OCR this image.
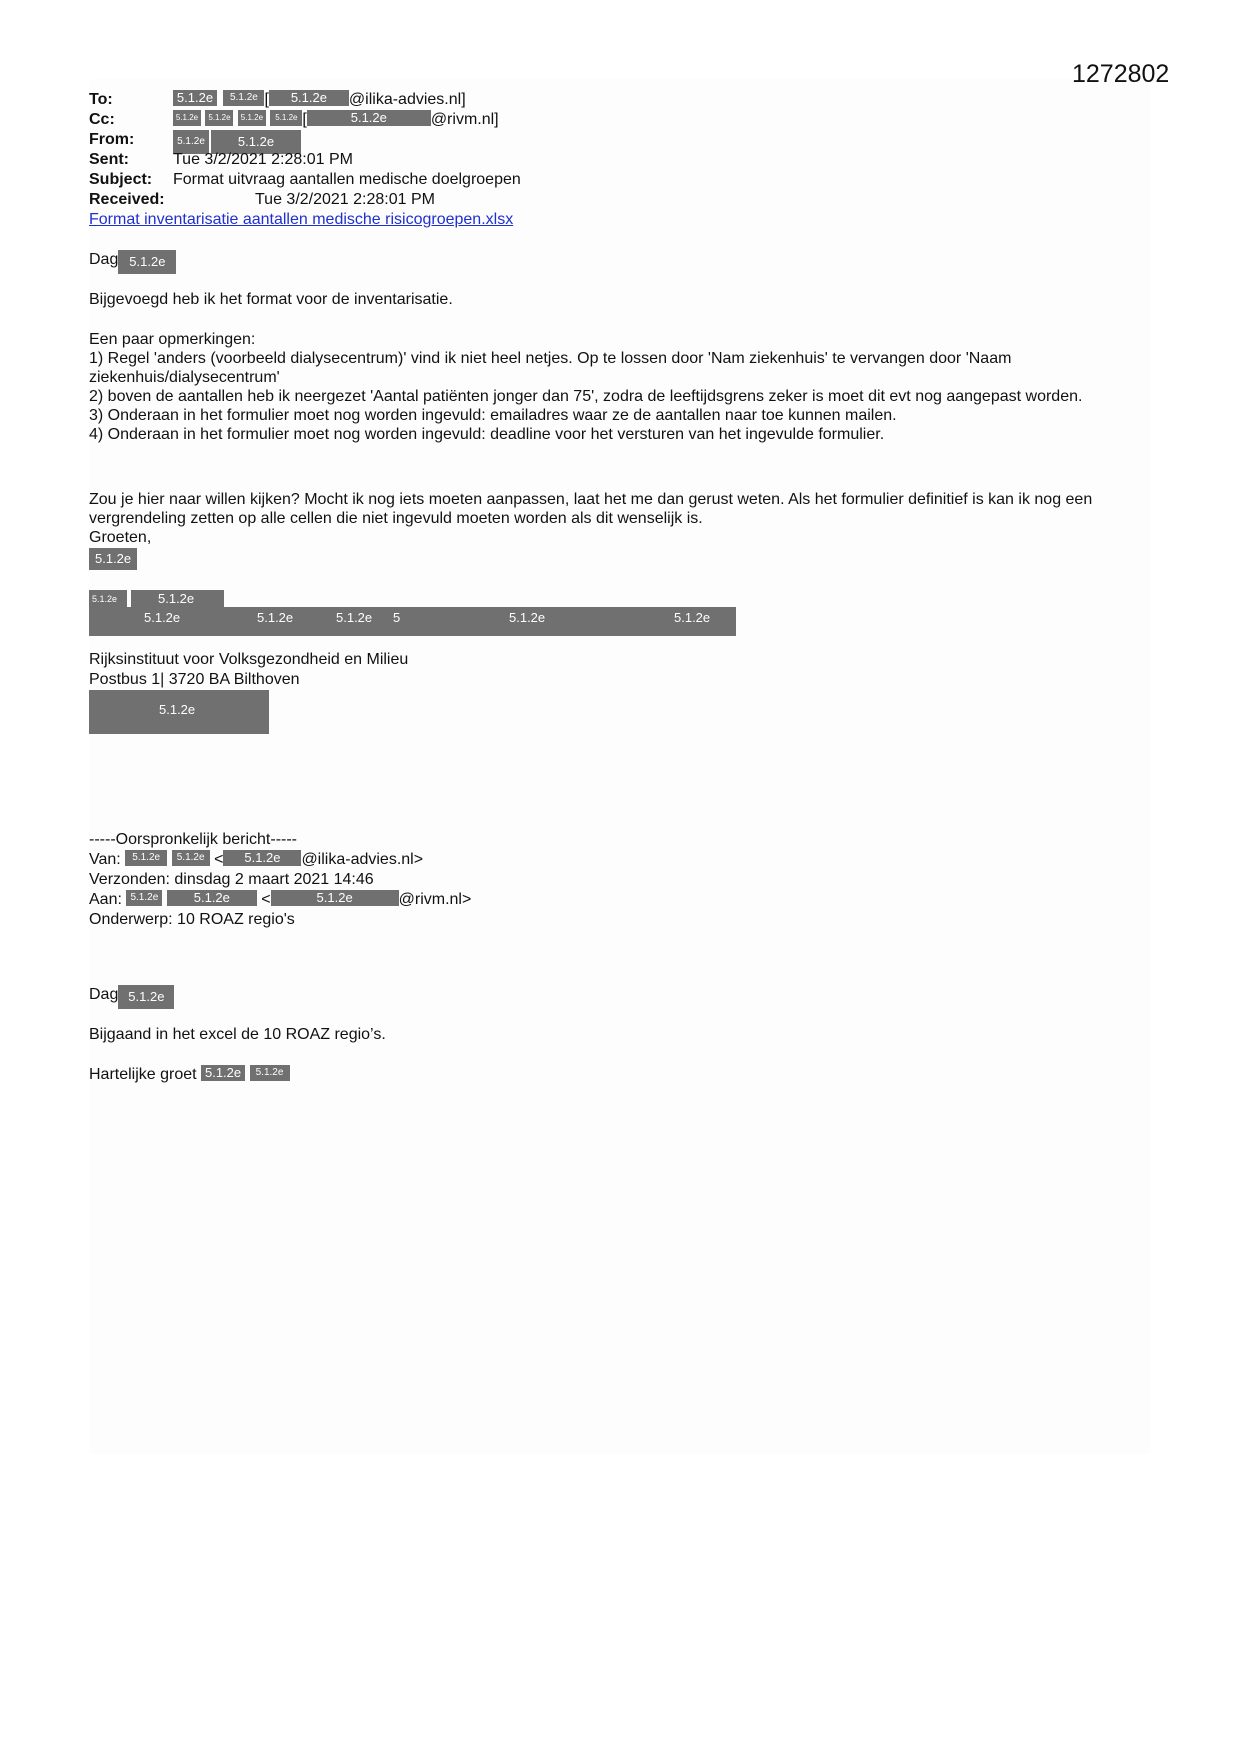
1272802
To:	5.1.2e 5.1.2e [ 5.1.2e @ilika-advies.nl]
Cc:	5.1.2e 5.1.2e 5.1.2e 5.1.2e [	5.1.2e	@rivm.nl]
From:	5.1.2e	5.1.2e
Sent:	Tue 3/2/2021 2:28:01 PM
Subject: Format uitvraag aantallen medische doelgroepen
Received:	Tue 3/2/2021 2:28:01 PM
Format inventarisatie aantallen medische risicogroepen.xlsx
Dag 5.1.2e
Bijgevoegd heb ik het format voor de inventarisatie.
Een paar opmerkingen:
1) Regel 'anders (voorbeeld dialysecentrum)' vind ik niet heel netjes. Op te lossen door 'Nam ziekenhuis' te vervangen door 'Naam ziekenhuis/dialysecentrum'
2) boven de aantallen heb ik neergezet 'Aantal patiënten jonger dan 75', zodra de leeftijdsgrens zeker is moet dit evt nog aangepast worden.
3) Onderaan in het formulier moet nog worden ingevuld: emailadres waar ze de aantallen naar toe kunnen mailen.
4) Onderaan in het formulier moet nog worden ingevuld: deadline voor het versturen van het ingevulde formulier.
Zou je hier naar willen kijken? Mocht ik nog iets moeten aanpassen, laat het me dan gerust weten. Als het formulier definitief is kan ik nog een vergrendeling zetten op alle cellen die niet ingevuld moeten worden als dit wenselijk is.
Groeten,
5.1.2e
5.1.2e	5.1.2e
5.1.2e	5.1.2e	5.1.2e 5	5.1.2e	5.1.2e
Rijksinstituut voor Volksgezondheid en Milieu
Postbus 1| 3720 BA Bilthoven
5.1.2e
-----Oorspronkelijk bericht-----
Van: 5.1.2e 5.1.2e < 5.1.2e @ilika-advies.nl>
Verzonden: dinsdag 2 maart 2021 14:46
Aan: 5.1.2e	5.1.2e <	5.1.2e	@rivm.nl>
Onderwerp: 10 ROAZ regio's
Dag 5.1.2e
Bijgaand in het excel de 10 ROAZ regio’s.
Hartelijke groet 5.1.2e 5.1.2e
